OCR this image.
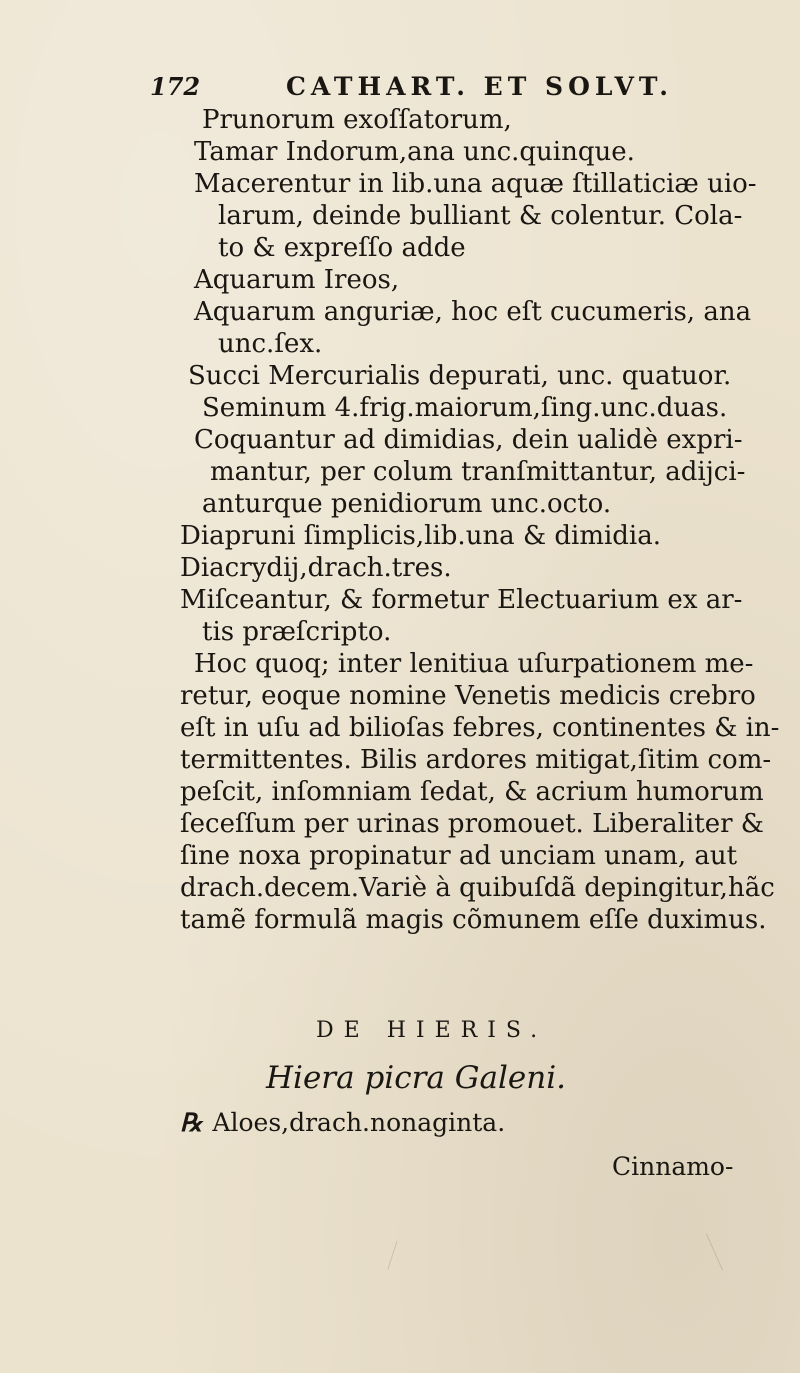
172	CATHART. ET SOLVT.
Prunorum exoſſatorum,
Tamar Indorum,ana unc.quinque.
Macerentur in lib.una aquæ ſtillaticiæ uio-
larum, deinde bulliant & colentur. Cola-
to & expreſſo adde
Aquarum Ireos,
Aquarum anguriæ, hoc eſt cucumeris, ana
unc.ſex.
Succi Mercurialis depurati, unc. quatuor.
Seminum 4.frig.maiorum,ſing.unc.duas.
Coquantur ad dimidias, dein ualidè expri-
mantur, per colum tranſmittantur, adijci-
anturque penidiorum unc.octo.
Diapruni ſimplicis,lib.una & dimidia.
Diacrydij,drach.tres.
Miſceantur, & formetur Electuarium ex ar-
tis præſcripto.
Hoc quoq; inter lenitiua uſurpationem me-
retur, eoque nomine Venetis medicis crebro
eſt in uſu ad bilioſas febres, continentes & in-
termittentes. Bilis ardores mitigat,ſitim com-
peſcit, inſomniam ſedat, & acrium humorum
ſeceſſum per urinas promouet. Liberaliter &
ſine noxa propinatur ad unciam unam, aut
drach.decem.Variè à quibuſdã depingitur,hãc
tamẽ formulã magis cõmunem eſſe duximus.
DE HIERIS.
Hiera picra Galeni.
℞ Aloes,drach.nonaginta.
Cinnamo-
